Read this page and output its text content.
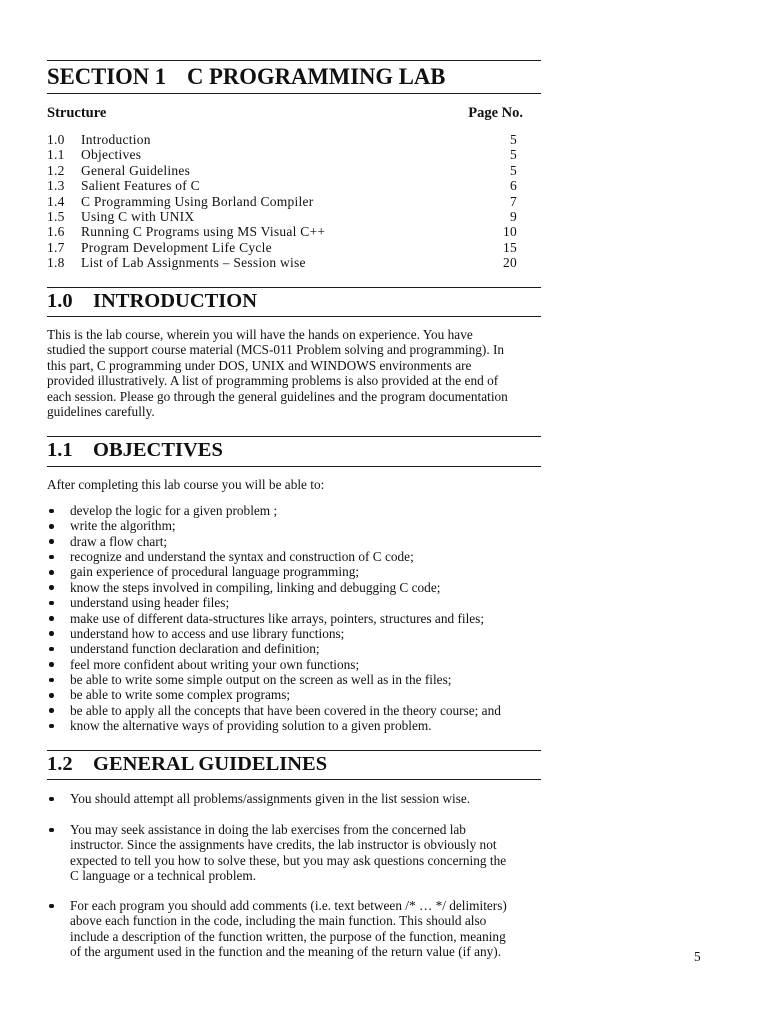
SECTION 1 C PROGRAMMING LAB
Structure	Page No.
1.0 Introduction	5
1.1 Objectives	5
1.2 General Guidelines	5
1.3 Salient Features of C	6
1.4 C Programming Using Borland Compiler	7
1.5 Using C with UNIX	9
1.6 Running C Programs using MS Visual C++	10
1.7 Program Development Life Cycle	15
1.8 List of Lab Assignments – Session wise	20
1.0 INTRODUCTION
This is the lab course, wherein you will have the hands on experience. You have
studied the support course material (MCS-011 Problem solving and programming). In
this part, C programming under DOS, UNIX and WINDOWS environments are
provided illustratively. A list of programming problems is also provided at the end of
each session. Please go through the general guidelines and the program documentation
guidelines carefully.
1.1 OBJECTIVES
After completing this lab course you will be able to:
develop the logic for a given problem ;
write the algorithm;
draw a flow chart;
recognize and understand the syntax and construction of C code;
gain experience of procedural language programming;
know the steps involved in compiling, linking and debugging C code;
understand using header files;
make use of different data-structures like arrays, pointers, structures and files;
understand how to access and use library functions;
understand function declaration and definition;
feel more confident about writing your own functions;
be able to write some simple output on the screen as well as in the files;
be able to write some complex programs;
be able to apply all the concepts that have been covered in the theory course; and
know the alternative ways of providing solution to a given problem.
1.2 GENERAL GUIDELINES
You should attempt all problems/assignments given in the list session wise.
You may seek assistance in doing the lab exercises from the concerned lab
instructor. Since the assignments have credits, the lab instructor is obviously not
expected to tell you how to solve these, but you may ask questions concerning the
C language or a technical problem.
For each program you should add comments (i.e. text between /* … */ delimiters)
above each function in the code, including the main function. This should also
include a description of the function written, the purpose of the function, meaning
of the argument used in the function and the meaning of the return value (if any).	5
